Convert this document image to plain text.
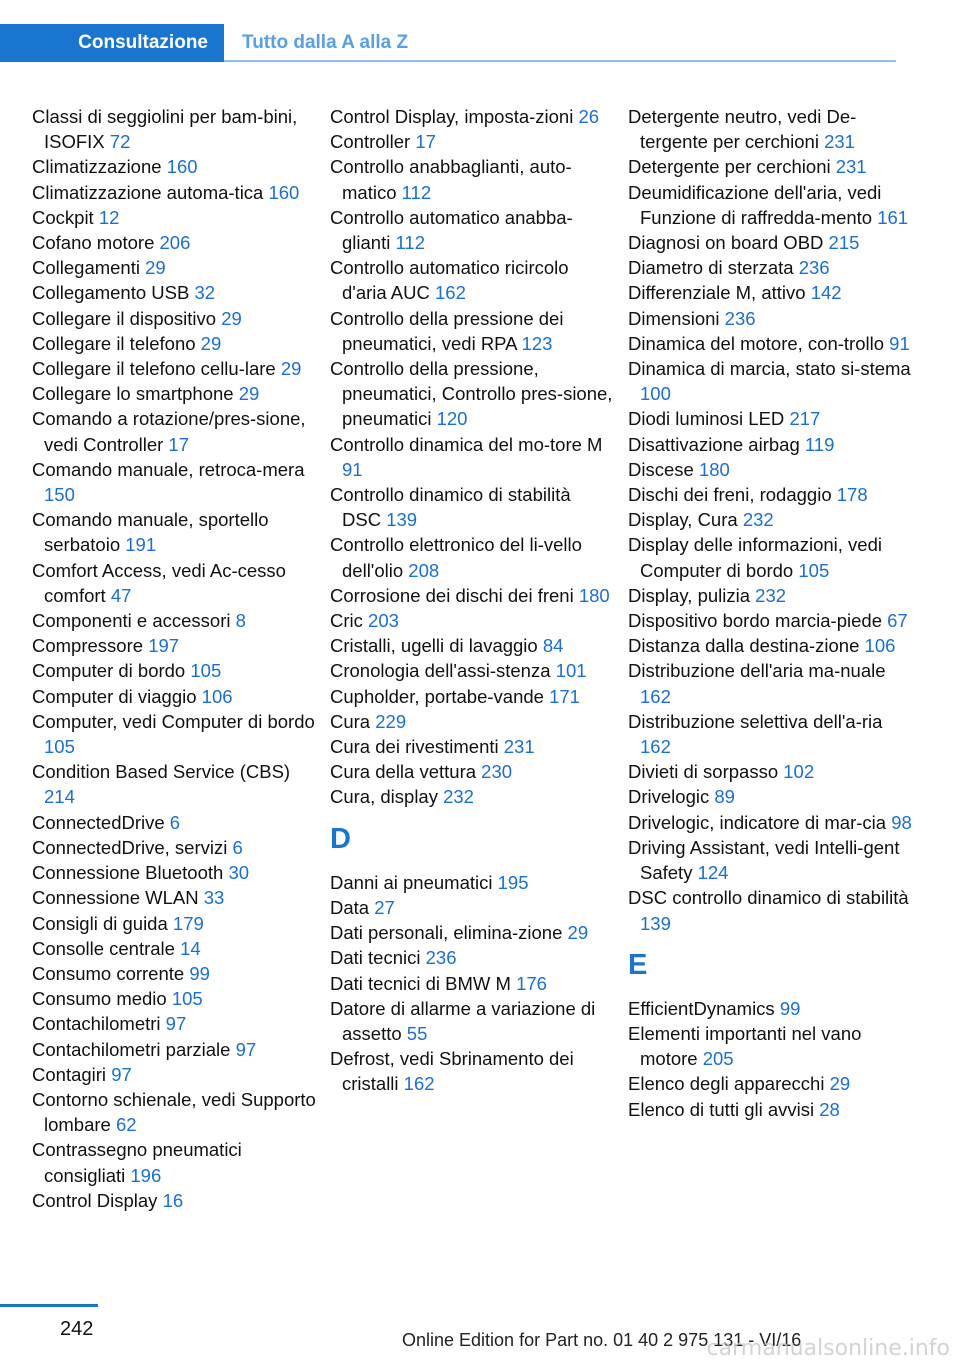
Consultazione Tutto dalla A alla Z
Classi di seggiolini per bam-bini, ISOFIX 72
Climatizzazione 160
Climatizzazione automa-tica 160
Cockpit 12
Cofano motore 206
Collegamenti 29
Collegamento USB 32
Collegare il dispositivo 29
Collegare il telefono 29
Collegare il telefono cellu-lare 29
Collegare lo smartphone 29
Comando a rotazione/pres-sione, vedi Controller 17
Comando manuale, retroca-mera 150
Comando manuale, sportello serbatoio 191
Comfort Access, vedi Ac-cesso comfort 47
Componenti e accessori 8
Compressore 197
Computer di bordo 105
Computer di viaggio 106
Computer, vedi Computer di bordo 105
Condition Based Service (CBS) 214
ConnectedDrive 6
ConnectedDrive, servizi 6
Connessione Bluetooth 30
Connessione WLAN 33
Consigli di guida 179
Consolle centrale 14
Consumo corrente 99
Consumo medio 105
Contachilometri 97
Contachilometri parziale 97
Contagiri 97
Contorno schienale, vedi Supporto lombare 62
Contrassegno pneumatici consigliati 196
Control Display 16
Control Display, imposta-zioni 26
Controller 17
Controllo anabbaglianti, auto-matico 112
Controllo automatico anabba-glianti 112
Controllo automatico ricircolo d'aria AUC 162
Controllo della pressione dei pneumatici, vedi RPA 123
Controllo della pressione, pneumatici, Controllo pres-sione, pneumatici 120
Controllo dinamica del mo-tore M 91
Controllo dinamico di stabilità DSC 139
Controllo elettronico del li-vello dell'olio 208
Corrosione dei dischi dei freni 180
Cric 203
Cristalli, ugelli di lavaggio 84
Cronologia dell'assi-stenza 101
Cupholder, portabe-vande 171
Cura 229
Cura dei rivestimenti 231
Cura della vettura 230
Cura, display 232
D
Danni ai pneumatici 195
Data 27
Dati personali, elimina-zione 29
Dati tecnici 236
Dati tecnici di BMW M 176
Datore di allarme a variazione di assetto 55
Defrost, vedi Sbrinamento dei cristalli 162
Detergente neutro, vedi De-tergente per cerchioni 231
Detergente per cerchioni 231
Deumidificazione dell'aria, vedi Funzione di raffredda-mento 161
Diagnosi on board OBD 215
Diametro di sterzata 236
Differenziale M, attivo 142
Dimensioni 236
Dinamica del motore, con-trollo 91
Dinamica di marcia, stato si-stema 100
Diodi luminosi LED 217
Disattivazione airbag 119
Discese 180
Dischi dei freni, rodaggio 178
Display, Cura 232
Display delle informazioni, vedi Computer di bordo 105
Display, pulizia 232
Dispositivo bordo marcia-piede 67
Distanza dalla destina-zione 106
Distribuzione dell'aria ma-nuale 162
Distribuzione selettiva dell'a-ria 162
Divieti di sorpasso 102
Drivelogic 89
Drivelogic, indicatore di mar-cia 98
Driving Assistant, vedi Intelli-gent Safety 124
DSC controllo dinamico di stabilità 139
E
EfficientDynamics 99
Elementi importanti nel vano motore 205
Elenco degli apparecchi 29
Elenco di tutti gli avvisi 28
242	Online Edition for Part no. 01 40 2 975 131 - VI/16
carmanualsonline.info
